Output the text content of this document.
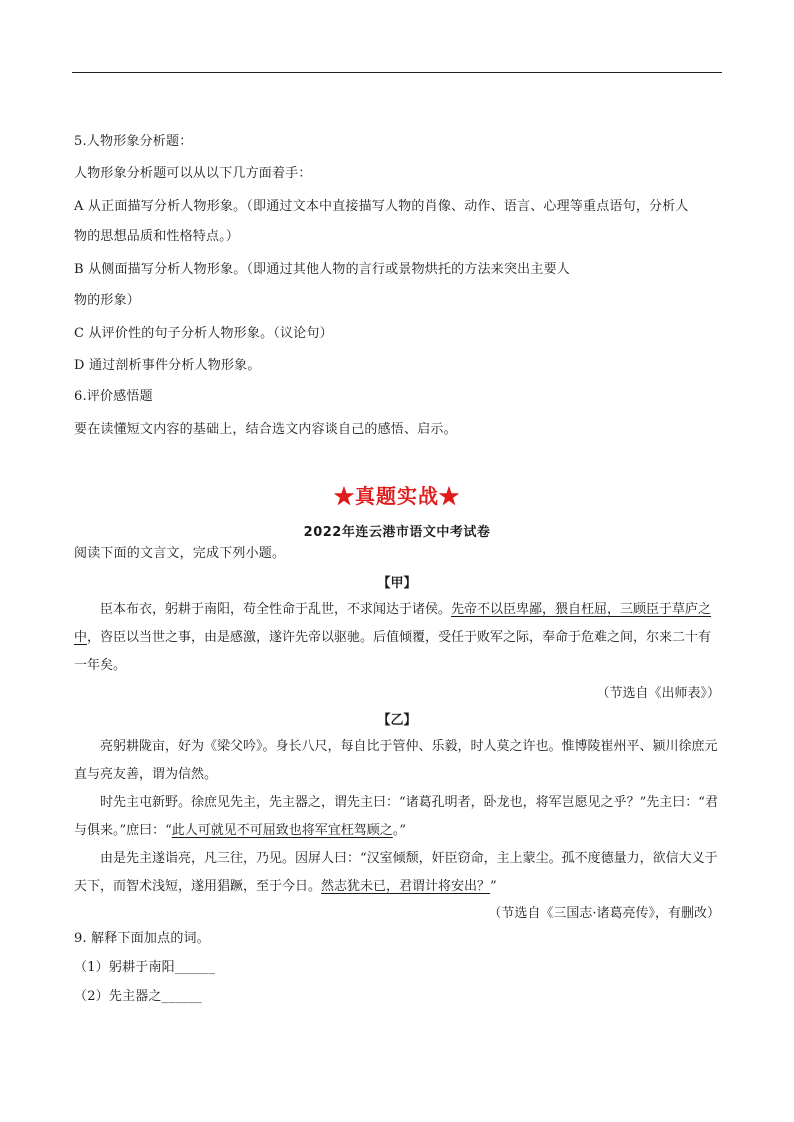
5.人物形象分析题：
人物形象分析题可以从以下几方面着手：
A 从正面描写分析人物形象。（即通过文本中直接描写人物的肖像、动作、语言、心理等重点语句，分析人
物的思想品质和性格特点。）
B 从侧面描写分析人物形象。（即通过其他人物的言行或景物烘托的方法来突出主要人
物的形象）
C 从评价性的句子分析人物形象。（议论句）
D 通过剖析事件分析人物形象。
6.评价感悟题
要在读懂短文内容的基础上，结合选文内容谈自己的感悟、启示。
★真题实战★
2022年连云港市语文中考试卷
阅读下面的文言文，完成下列小题。
【甲】
臣本布衣，躬耕于南阳，苟全性命于乱世，不求闻达于诸侯。先帝不以臣卑鄙，猥自枉屈，三顾臣于草庐之中，咨臣以当世之事，由是感激，遂许先帝以驱驰。后值倾覆，受任于败军之际，奉命于危难之间，尔来二十有一年矣。
（节选自《出师表》）
【乙】
亮躬耕陇亩，好为《梁父吟》。身长八尺，每自比于管仲、乐毅，时人莫之许也。惟博陵崔州平、颍川徐庶元直与亮友善，谓为信然。
时先主屯新野。徐庶见先主，先主器之，谓先主曰：“诸葛孔明者，卧龙也，将军岂愿见之乎？”先主曰：“君与俱来。”庶曰：“此人可就见不可屈致也将军宜枉驾顾之。”
由是先主遂诣亮，凡三往，乃见。因屏人曰：“汉室倾颓，奸臣窃命，主上蒙尘。孤不度德量力，欲信大义于天下，而智术浅短，遂用猖蹶，至于今日。然志犹未已，君谓计将安出？”
（节选自《三国志·诸葛亮传》，有删改）
9. 解释下面加点的词。
（1）躬耕于南阳______
（2）先主器之______
